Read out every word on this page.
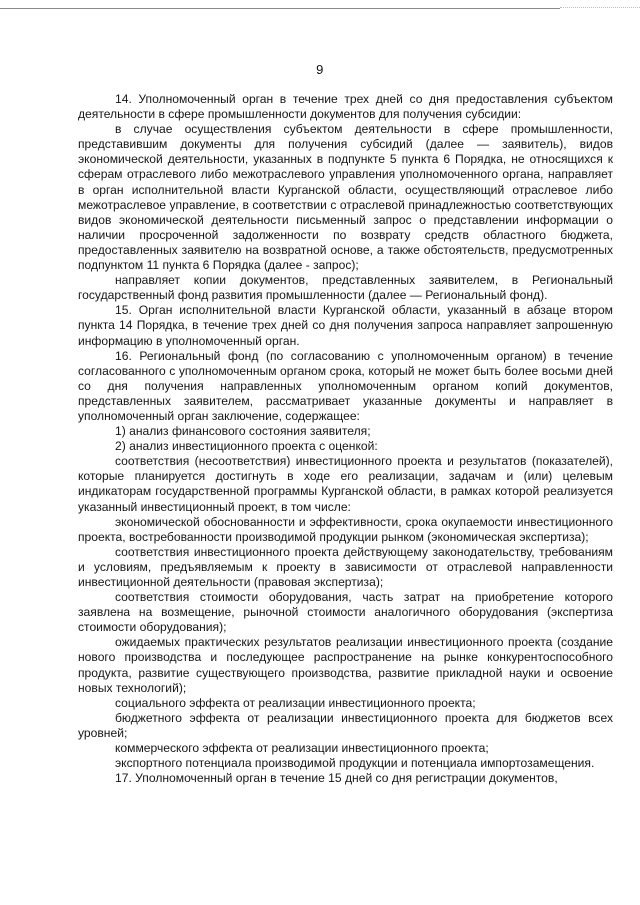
9

14. Уполномоченный орган в течение трех дней со дня предоставления субъектом деятельности в сфере промышленности документов для получения субсидии:

в случае осуществления субъектом деятельности в сфере промышленности, представившим документы для получения субсидий (далее — заявитель), видов экономической деятельности, указанных в подпункте 5 пункта 6 Порядка, не относящихся к сферам отраслевого либо межотраслевого управления уполномоченного органа, направляет в орган исполнительной власти Курганской области, осуществляющий отраслевое либо межотраслевое управление, в соответствии с отраслевой принадлежностью соответствующих видов экономической деятельности письменный запрос о представлении информации о наличии просроченной задолженности по возврату средств областного бюджета, предоставленных заявителю на возвратной основе, а также обстоятельств, предусмотренных подпунктом 11 пункта 6 Порядка (далее - запрос);

направляет копии документов, представленных заявителем, в Региональный государственный фонд развития промышленности (далее — Региональный фонд).

15. Орган исполнительной власти Курганской области, указанный в абзаце втором пункта 14 Порядка, в течение трех дней со дня получения запроса направляет запрошенную информацию в уполномоченный орган.

16. Региональный фонд (по согласованию с уполномоченным органом) в течение согласованного с уполномоченным органом срока, который не может быть более восьми дней со дня получения направленных уполномоченным органом копий документов, представленных заявителем, рассматривает указанные документы и направляет в уполномоченный орган заключение, содержащее:

1) анализ финансового состояния заявителя;

2) анализ инвестиционного проекта с оценкой:

соответствия (несоответствия) инвестиционного проекта и результатов (показателей), которые планируется достигнуть в ходе его реализации, задачам и (или) целевым индикаторам государственной программы Курганской области, в рамках которой реализуется указанный инвестиционный проект, в том числе:

экономической обоснованности и эффективности, срока окупаемости инвестиционного проекта, востребованности производимой продукции рынком (экономическая экспертиза);

соответствия инвестиционного проекта действующему законодательству, требованиям и условиям, предъявляемым к проекту в зависимости от отраслевой направленности инвестиционной деятельности (правовая экспертиза);

соответствия стоимости оборудования, часть затрат на приобретение которого заявлена на возмещение, рыночной стоимости аналогичного оборудования (экспертиза стоимости оборудования);

ожидаемых практических результатов реализации инвестиционного проекта (создание нового производства и последующее распространение на рынке конкурентоспособного продукта, развитие существующего производства, развитие прикладной науки и освоение новых технологий);

социального эффекта от реализации инвестиционного проекта;

бюджетного эффекта от реализации инвестиционного проекта для бюджетов всех уровней;

коммерческого эффекта от реализации инвестиционного проекта;

экспортного потенциала производимой продукции и потенциала импортозамещения.

17. Уполномоченный орган в течение 15 дней со дня регистрации документов,
